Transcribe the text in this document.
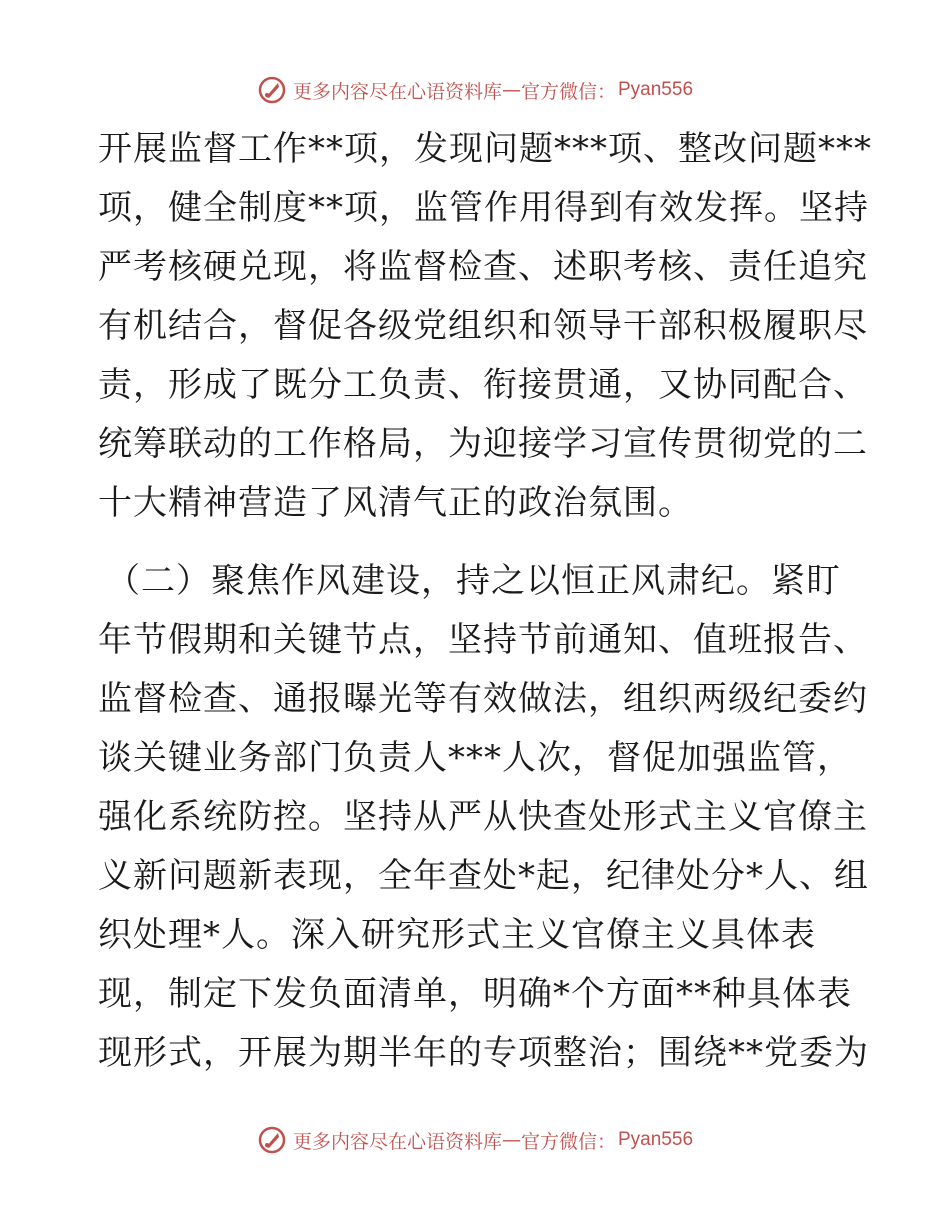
更多内容尽在心语资料库 — 官方微信： Pyan556
开展监督工作**项，发现问题***项、整改问题***
项，健全制度**项，监管作用得到有效发挥。坚持
严考核硬兑现，将监督检查、述职考核、责任追究
有机结合，督促各级党组织和领导干部积极履职尽
责，形成了既分工负责、衔接贯通，又协同配合、
统筹联动的工作格局，为迎接学习宣传贯彻党的二
十大精神营造了风清气正的政治氛围。
（二）聚焦作风建设，持之以恒正风肃纪。紧盯
年节假期和关键节点，坚持节前通知、值班报告、
监督检查、通报曝光等有效做法，组织两级纪委约
谈关键业务部门负责人***人次，督促加强监管，
强化系统防控。坚持从严从快查处形式主义官僚主
义新问题新表现，全年查处*起，纪律处分*人、组
织处理*人。深入研究形式主义官僚主义具体表
现，制定下发负面清单，明确*个方面**种具体表
现形式，开展为期半年的专项整治；围绕**党委为
更多内容尽在心语资料库 — 官方微信： Pyan556
